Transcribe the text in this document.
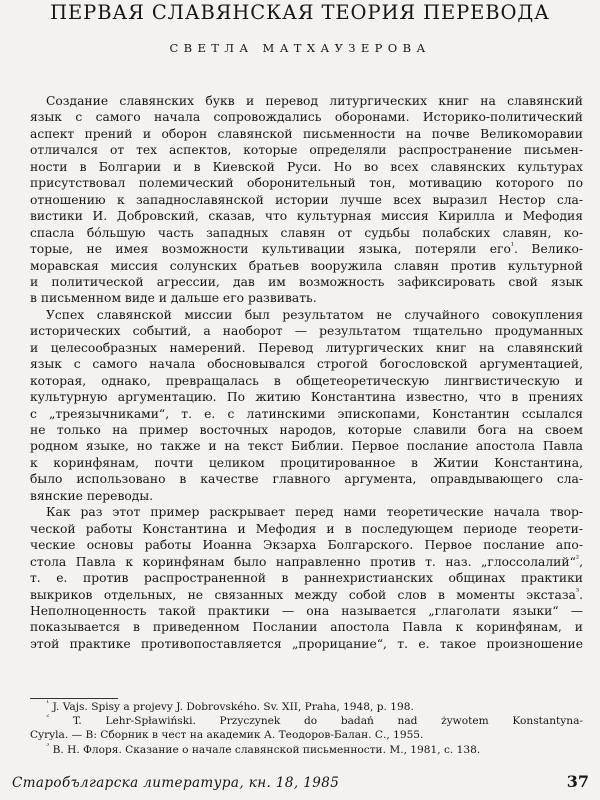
ПЕРВАЯ СЛАВЯНСКАЯ ТЕОРИЯ ПЕРЕВОДА
СВЕТЛА МАТХАУЗЕРОВА
Создание славянских букв и перевод литургических книг на славянский
язык с самого начала сопровождались оборонами. Историко-политический
аспект прений и оборон славянской письменности на почве Великоморавии
отличался от тех аспектов, которые определяли распространение письмен-
ности в Болгарии и в Киевской Руси. Но во всех славянских культурах
присутствовал полемический оборонительный тон, мотивацию которого по
отношению к западнославянской истории лучше всех выразил Нестор сла-
вистики И. Добровский, сказав, что культурная миссия Кирилла и Мефодия
спасла бо́льшую часть западных славян от судьбы полабских славян, ко-
торые, не имея возможности культивации языка, потеряли его$^{^1}$. Велико-
моравская миссия солунских братьев вооружила славян против культурной
и политической агрессии, дав им возможность зафиксировать свой язык
в письменном виде и дальше его развивать.
Успех славянской миссии был результатом не случайного совокупления
исторических событий, а наоборот — результатом тщательно продуманных
и целесообразных намерений. Перевод литургических книг на славянский
язык с самого начала обосновывался строгой богословской аргументацией,
которая, однако, превращалась в общетеоретическую лингвистическую и
культурную аргументацию. По житию Константина известно, что в прениях
с „треязычниками“, т. е. с латинскими эпископами, Константин ссылался
не только на пример восточных народов, которые славили бога на своем
родном языке, но также и на текст Библии. Первое послание апостола Павла
к коринфянам, почти целиком процитированное в Житии Константина,
было использовано в качестве главного аргумента, оправдывающего сла-
вянские переводы.
Как раз этот пример раскрывает перед нами теоретические начала твор-
ческой работы Константина и Мефодия и в последующем периоде теорети-
ческие основы работы Иоанна Экзарха Болгарского. Первое послание апо-
стола Павла к коринфянам было направленно против т. наз. „глоссолалий“$^{^2}$,
т. е. против распространенной в раннехристианских общинах практики
выкриков отдельных, не связанных между собой слов в моменты экстаза$^{^3}$.
Неполноценность такой практики — она называется „глаголати языки“ —
показывается в приведенном Послании апостола Павла к коринфянам, и
этой практике противопоставляется „прорицание“, т. е. такое произношение
$^{^1}$ J. Vajs. Spisy a projevy J. Dobrovského. Sv. XII, Praha, 1948, p. 198.
$^{^2}$ T. Lehr-Spławiński. Przyczynek do badań nad żywotem Konstantyna-
Cyryla. — В: Сборник в чест на академик А. Теодоров-Балан. С., 1955.
$^{^3}$ В. Н. Флоря. Сказание о начале славянской письменности. М., 1981, с. 138.
Старобългарска литература, кн. 18, 1985	37
